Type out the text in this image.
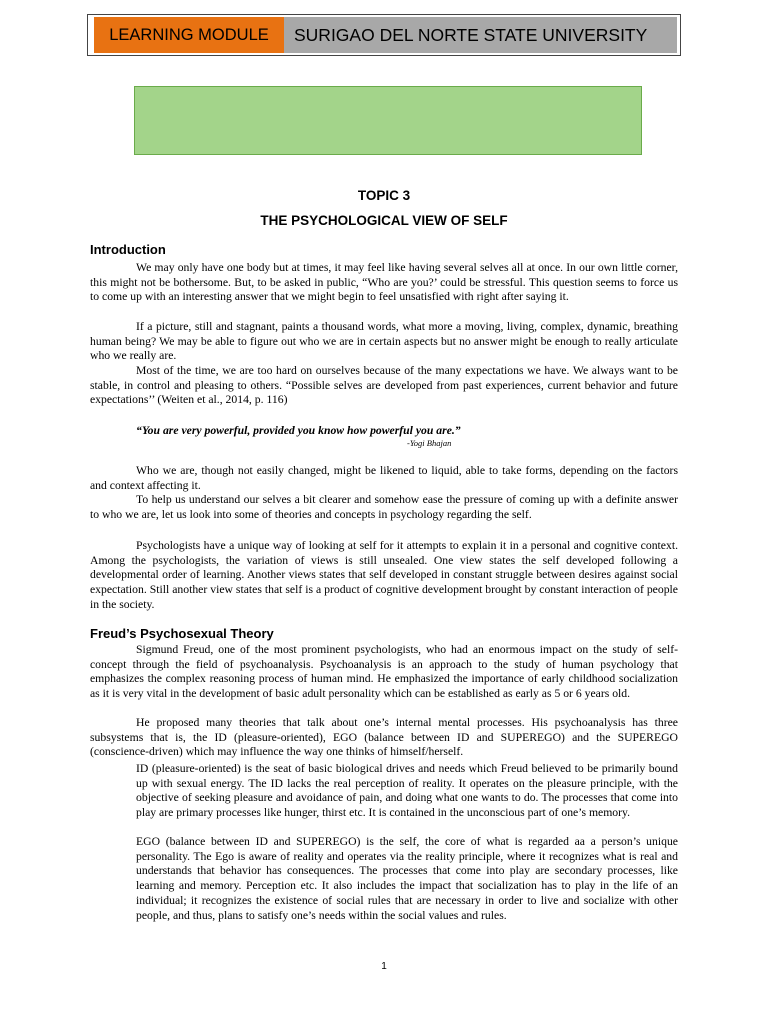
LEARNING MODULE	SURIGAO DEL NORTE STATE UNIVERSITY
TOPIC 3
THE PSYCHOLOGICAL VIEW OF SELF
Introduction

We may only have one body but at times, it may feel like having several selves all at once. In our own little corner, this might not be bothersome. But, to be asked in public, “Who are you?’ could be stressful. This question seems to force us to come up with an interesting answer that we might begin to feel unsatisfied with right after saying it.

If a picture, still and stagnant, paints a thousand words, what more a moving, living, complex, dynamic, breathing human being? We may be able to figure out who we are in certain aspects but no answer might be enough to really articulate who we really are.

Most of the time, we are too hard on ourselves because of the many expectations we have. We always want to be stable, in control and pleasing to others. “Possible selves are developed from past experiences, current behavior and future expectations’’ (Weiten et al., 2014, p. 116)

“You are very powerful, provided you know how powerful you are.”
-Yogi Bhajan

Who we are, though not easily changed, might be likened to liquid, able to take forms, depending on the factors and context affecting it.

To help us understand our selves a bit clearer and somehow ease the pressure of coming up with a definite answer to who we are, let us look into some of theories and concepts in psychology regarding the self.

Psychologists have a unique way of looking at self for it attempts to explain it in a personal and cognitive context. Among the psychologists, the variation of views is still unsealed. One view states the self developed following a developmental order of learning. Another views states that self developed in constant struggle between desires against social expectation. Still another view states that self is a product of cognitive development brought by constant interaction of people in the society.

Freud’s Psychosexual Theory

Sigmund Freud, one of the most prominent psychologists, who had an enormous impact on the study of self-concept through the field of psychoanalysis. Psychoanalysis is an approach to the study of human psychology that emphasizes the complex reasoning process of human mind. He emphasized the importance of early childhood socialization as it is very vital in the development of basic adult personality which can be established as early as 5 or 6 years old.

He proposed many theories that talk about one’s internal mental processes. His psychoanalysis has three subsystems that is, the ID (pleasure-oriented), EGO (balance between ID and SUPEREGO) and the SUPEREGO (conscience-driven) which may influence the way one thinks of himself/herself.

ID (pleasure-oriented) is the seat of basic biological drives and needs which Freud believed to be primarily bound up with sexual energy. The ID lacks the real perception of reality. It operates on the pleasure principle, with the objective of seeking pleasure and avoidance of pain, and doing what one wants to do. The processes that come into play are primary processes like hunger, thirst etc. It is contained in the unconscious part of one’s memory.

EGO (balance between ID and SUPEREGO) is the self, the core of what is regarded aa a person’s unique personality. The Ego is aware of reality and operates via the reality principle, where it recognizes what is real and understands that behavior has consequences. The processes that come into play are secondary processes, like learning and memory. Perception etc. It also includes the impact that socialization has to play in the life of an individual; it recognizes the existence of social rules that are necessary in order to live and socialize with other people, and thus, plans to satisfy one’s needs within the social values and rules.

1
